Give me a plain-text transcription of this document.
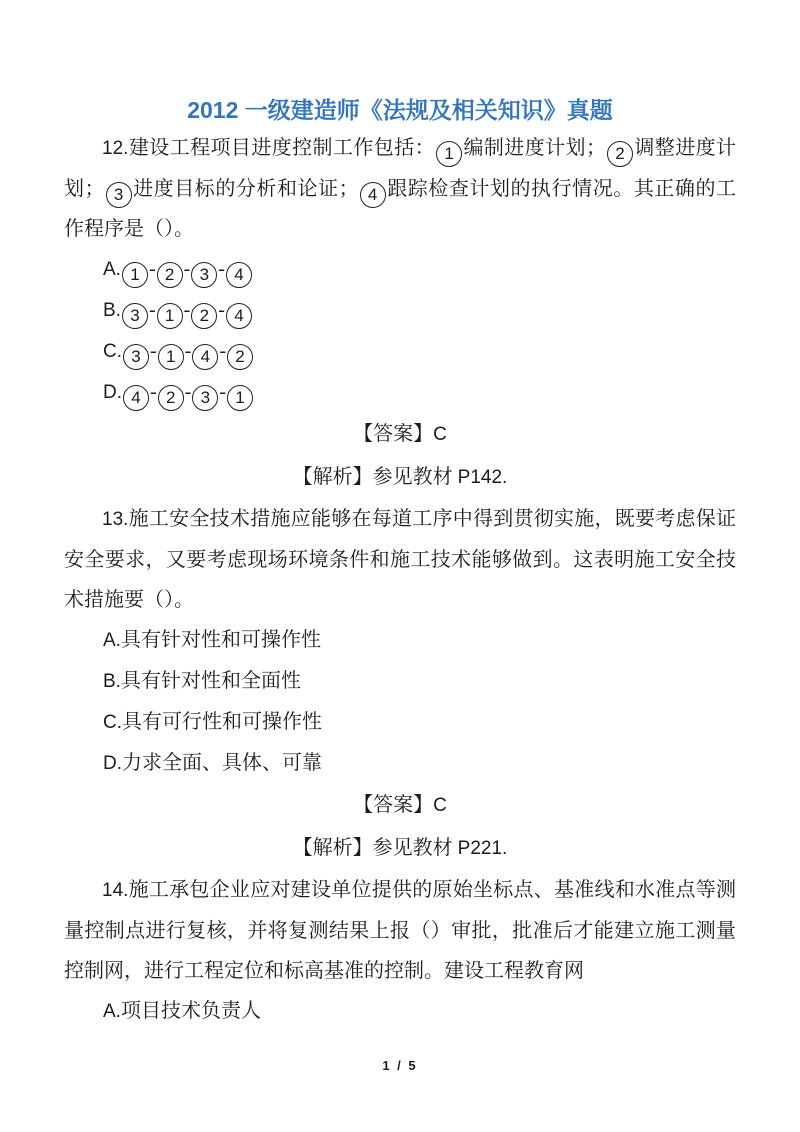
2012 一级建造师《法规及相关知识》真题

12.建设工程项目进度控制工作包括： 1 编制进度计划； 2 调整进度计划； 3 进度目标的分析和论证； 4 跟踪检查计划的执行情况。其正确的工作程序是（）。

A. 1 - 2 - 3 - 4

B. 3 - 1 - 2 - 4

C. 3 - 1 - 4 - 2

D. 4 - 2 - 3 - 1

【答案】C

【解析】参见教材 P142.

13.施工安全技术措施应能够在每道工序中得到贯彻实施，既要考虑保证安全要求，又要考虑现场环境条件和施工技术能够做到。这表明施工安全技术措施要（）。

A.具有针对性和可操作性

B.具有针对性和全面性

C.具有可行性和可操作性

D.力求全面、具体、可靠

【答案】C

【解析】参见教材 P221.

14.施工承包企业应对建设单位提供的原始坐标点、基准线和水准点等测量控制点进行复核，并将复测结果上报（）审批，批准后才能建立施工测量控制网，进行工程定位和标高基准的控制。建设工程教育网

A.项目技术负责人

1 / 5
